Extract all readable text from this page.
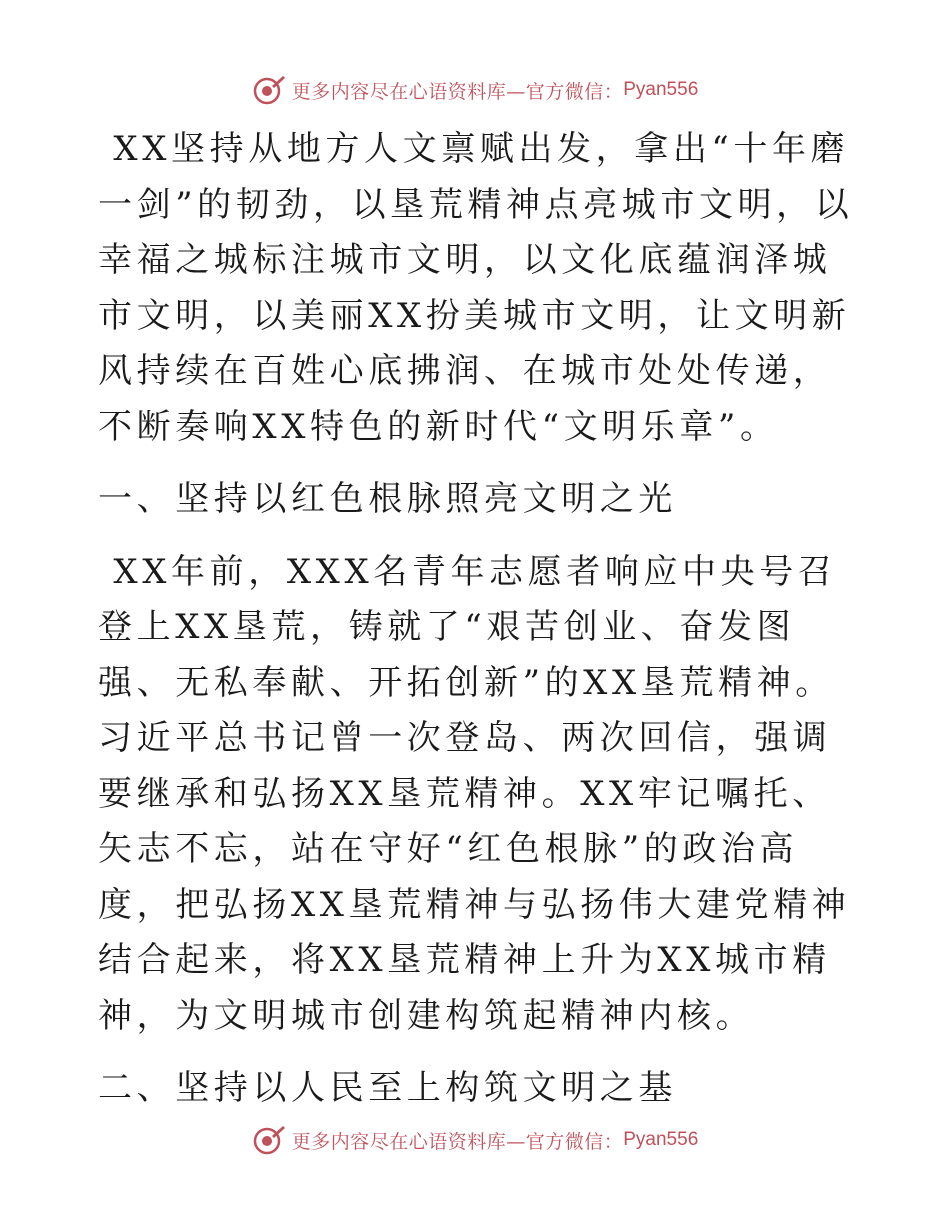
更多内容尽在心语资料库—官方微信： Pyan556

XX坚持从地方人文禀赋出发，拿出“十年磨一剑”的韧劲，以垦荒精神点亮城市文明，以幸福之城标注城市文明，以文化底蕴润泽城市文明，以美丽XX扮美城市文明，让文明新风持续在百姓心底拂润、在城市处处传递，不断奏响XX特色的新时代“文明乐章”。

一、坚持以红色根脉照亮文明之光

XX年前，XXX名青年志愿者响应中央号召登上XX垦荒，铸就了“艰苦创业、奋发图强、无私奉献、开拓创新”的XX垦荒精神。习近平总书记曾一次登岛、两次回信，强调要继承和弘扬XX垦荒精神。XX牢记嘱托、矢志不忘，站在守好“红色根脉”的政治高度，把弘扬XX垦荒精神与弘扬伟大建党精神结合起来，将XX垦荒精神上升为XX城市精神，为文明城市创建构筑起精神内核。

二、坚持以人民至上构筑文明之基

更多内容尽在心语资料库—官方微信： Pyan556
